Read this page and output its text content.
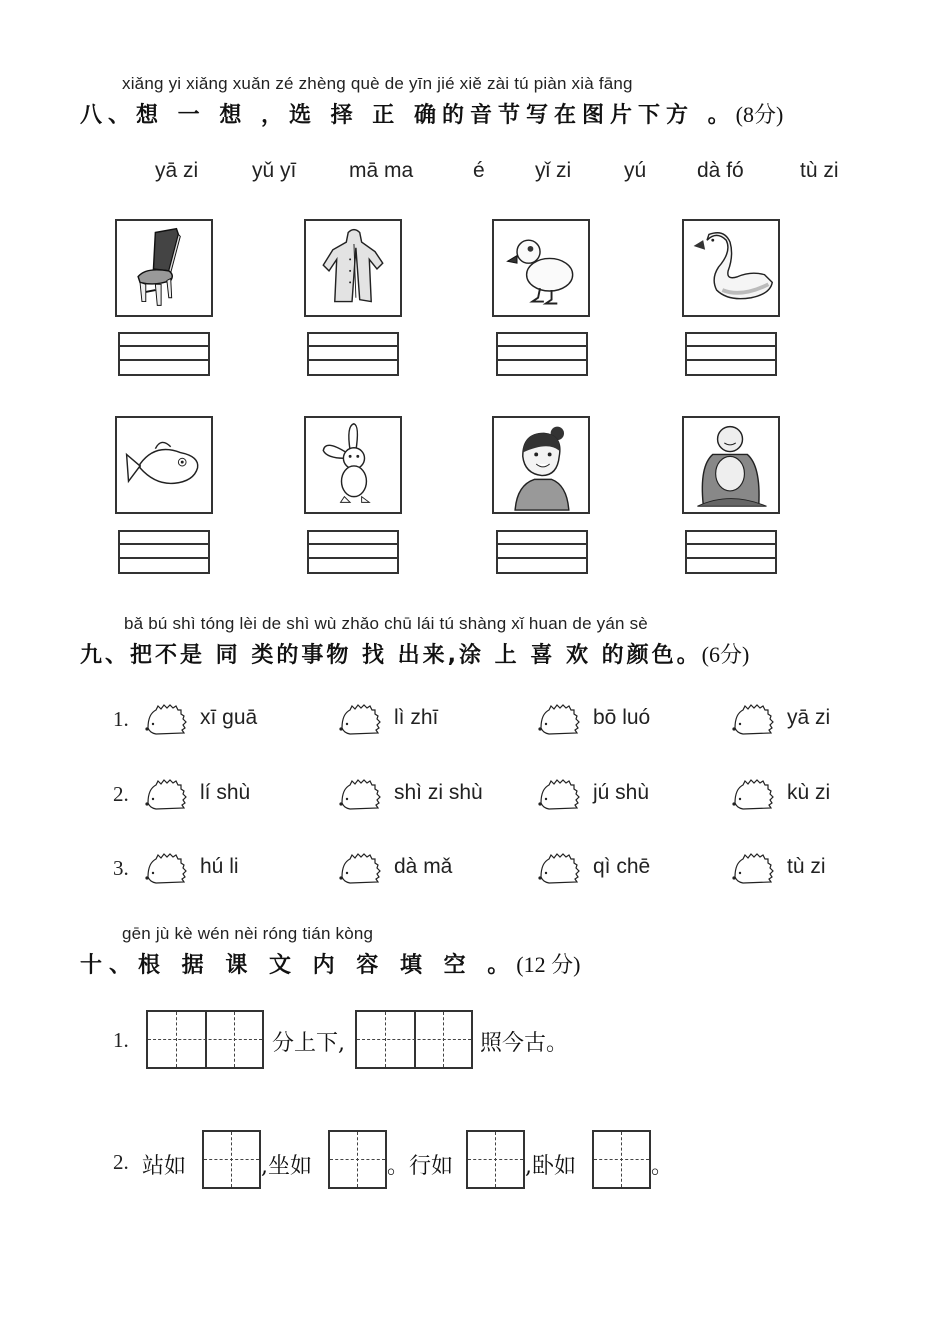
xiǎng yi xiǎng xuǎn zé zhèng què de yīn jié xiě zài tú piàn xià fāng
八、想 一 想 ，选 择 正 确的音节写在图片下方 。(8分)
yā zi	yǔ yī	mā ma	é yǐ zi	yú dà fó	tù zi
bǎ bú shì tóng lèi de shì wù zhǎo chū lái tú shàng xǐ huan de yán sè
九、把不是 同 类的事物 找 出来,涂 上 喜 欢 的颜色。(6分)
1.	xī guā	lì zhī	bō luó	yā zi
2.	lí shù	shì zi shù	jú shù	kù zi
3.	hú li	dà mǎ	qì chē	tù zi
gēn jù kè wén nèi róng tián kòng
十、根 据 课 文 内 容 填 空 。(12 分)
1.	分上下,	照今古。
2. 站如	,坐如	。行如	,卧如	。
